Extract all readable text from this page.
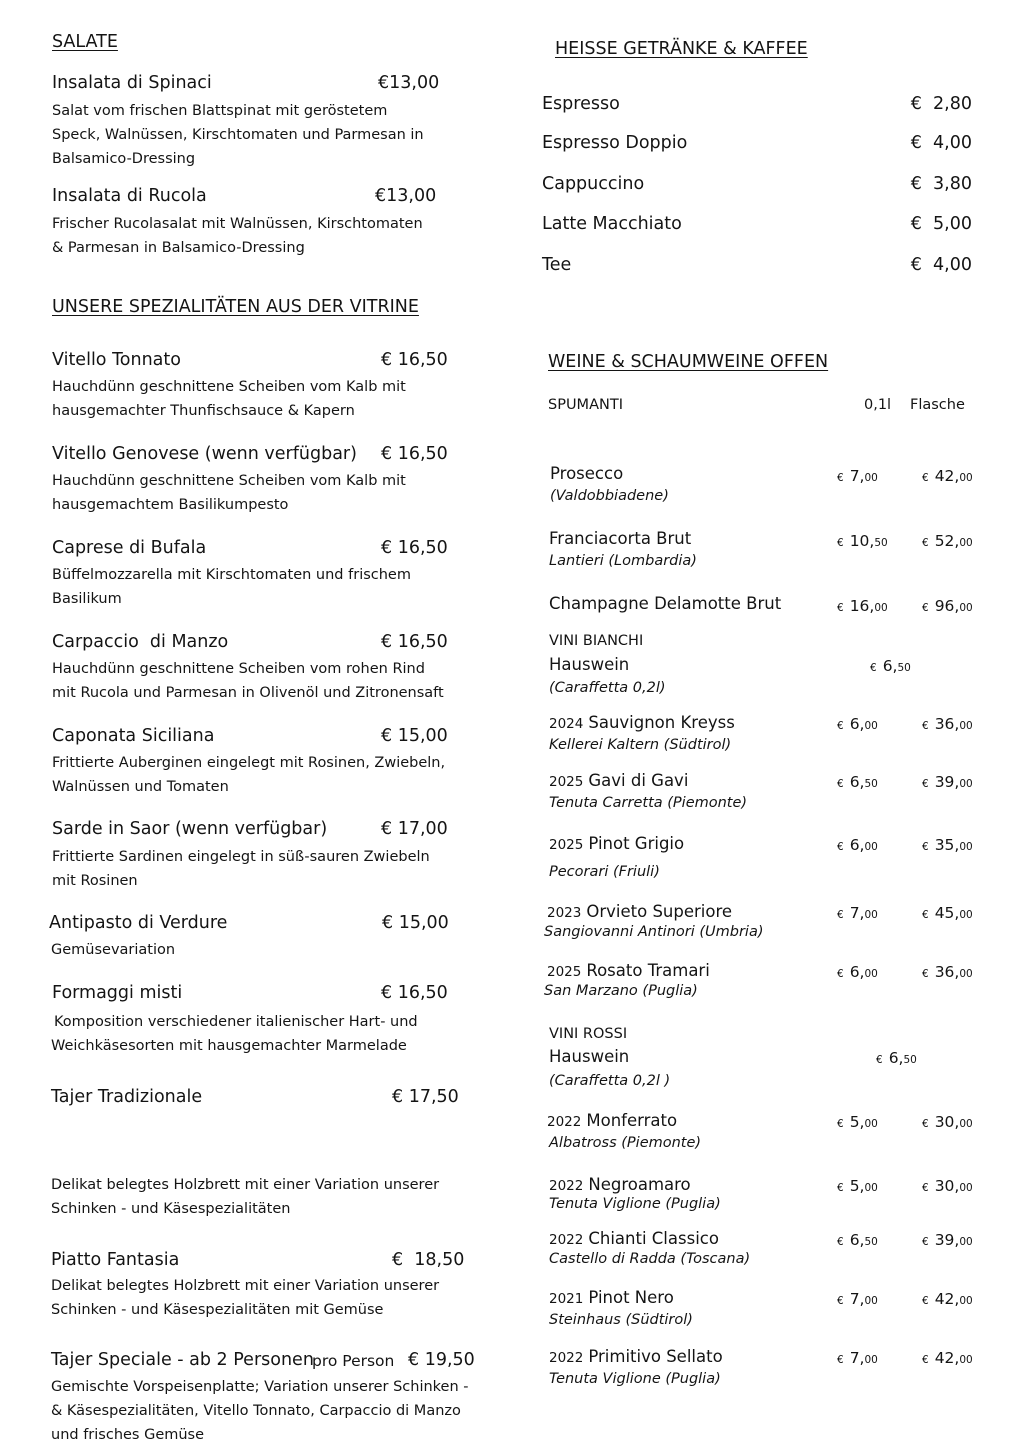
SALATE
Insalata di Spinaci	€13,00
Salat vom frischen Blattspinat mit geröstetem Speck, Walnüssen, Kirschtomaten und Parmesan in Balsamico-Dressing
Insalata di Rucola	€13,00
Frischer Rucolasalat mit Walnüssen, Kirschtomaten & Parmesan in Balsamico-Dressing
UNSERE SPEZIALITÄTEN AUS DER VITRINE
Vitello Tonnato	€ 16,50
Hauchdünn geschnittene Scheiben vom Kalb mit hausgemachter Thunfischsauce & Kapern
Vitello Genovese (wenn verfügbar) € 16,50
Hauchdünn geschnittene Scheiben vom Kalb mit hausgemachtem Basilikumpesto
Caprese di Bufala	€ 16,50
Büffelmozzarella mit Kirschtomaten und frischem Basilikum
Carpaccio  di Manzo	€ 16,50
Hauchdünn geschnittene Scheiben vom rohen Rind mit Rucola und Parmesan in Olivenöl und Zitronensaft
Caponata Siciliana	€ 15,00
Frittierte Auberginen eingelegt mit Rosinen, Zwiebeln, Walnüssen und Tomaten
Sarde in Saor (wenn verfügbar)	€ 17,00
Frittierte Sardinen eingelegt in süß-sauren Zwiebeln mit Rosinen
Antipasto di Verdure	€ 15,00
Gemüsevariation
Formaggi misti	€ 16,50
Komposition verschiedener italienischer Hart- und Weichkäsesorten mit hausgemachter Marmelade
Tajer Tradizionale	€ 17,50
Delikat belegtes Holzbrett mit einer Variation unserer Schinken - und Käsespezialitäten
Piatto Fantasia	€  18,50
Delikat belegtes Holzbrett mit einer Variation unserer Schinken - und Käsespezialitäten mit Gemüse
Tajer Speciale - ab 2 Personen
pro Person € 19,50
Gemischte Vorspeisenplatte; Variation unserer Schinken - & Käsespezialitäten, Vitello Tonnato, Carpaccio di Manzo und frisches Gemüse
HEISSE GETRÄNKE & KAFFEE
Espresso	€  2,80
Espresso Doppio	€  4,00
Cappuccino	€  3,80
Latte Macchiato	€  5,00
Tee	€  4,00
WEINE & SCHAUMWEINE OFFEN
SPUMANTI	0,1l Flasche
Prosecco
(Valdobbiadene)
€ 7,00	€ 42,00
Franciacorta Brut
Lantieri (Lombardia)
€ 10,50	€ 52,00
Champagne Delamotte Brut	€ 16,00	€ 96,00
VINI BIANCHI
Hauswein
(Caraffetta 0,2l)
€ 6,50
2024 Sauvignon Kreyss
Kellerei Kaltern (Südtirol)
€ 6,00	€ 36,00
2025 Gavi di Gavi
Tenuta Carretta (Piemonte)
€ 6,50	€ 39,00
2025 Pinot Grigio
Pecorari (Friuli)
€ 6,00	€ 35,00
2023 Orvieto Superiore
Sangiovanni Antinori (Umbria)
€ 7,00	€ 45,00
2025 Rosato Tramari
San Marzano (Puglia)
€ 6,00	€ 36,00
VINI ROSSI
Hauswein
(Caraffetta 0,2l )
€ 6,50
2022 Monferrato
Albatross (Piemonte)
€ 5,00	€ 30,00
2022 Negroamaro
Tenuta Viglione (Puglia)
€ 5,00	€ 30,00
2022 Chianti Classico
Castello di Radda (Toscana)
€ 6,50	€ 39,00
2021 Pinot Nero
Steinhaus (Südtirol)
€ 7,00	€ 42,00
2022 Primitivo Sellato
Tenuta Viglione (Puglia)
€ 7,00	€ 42,00
